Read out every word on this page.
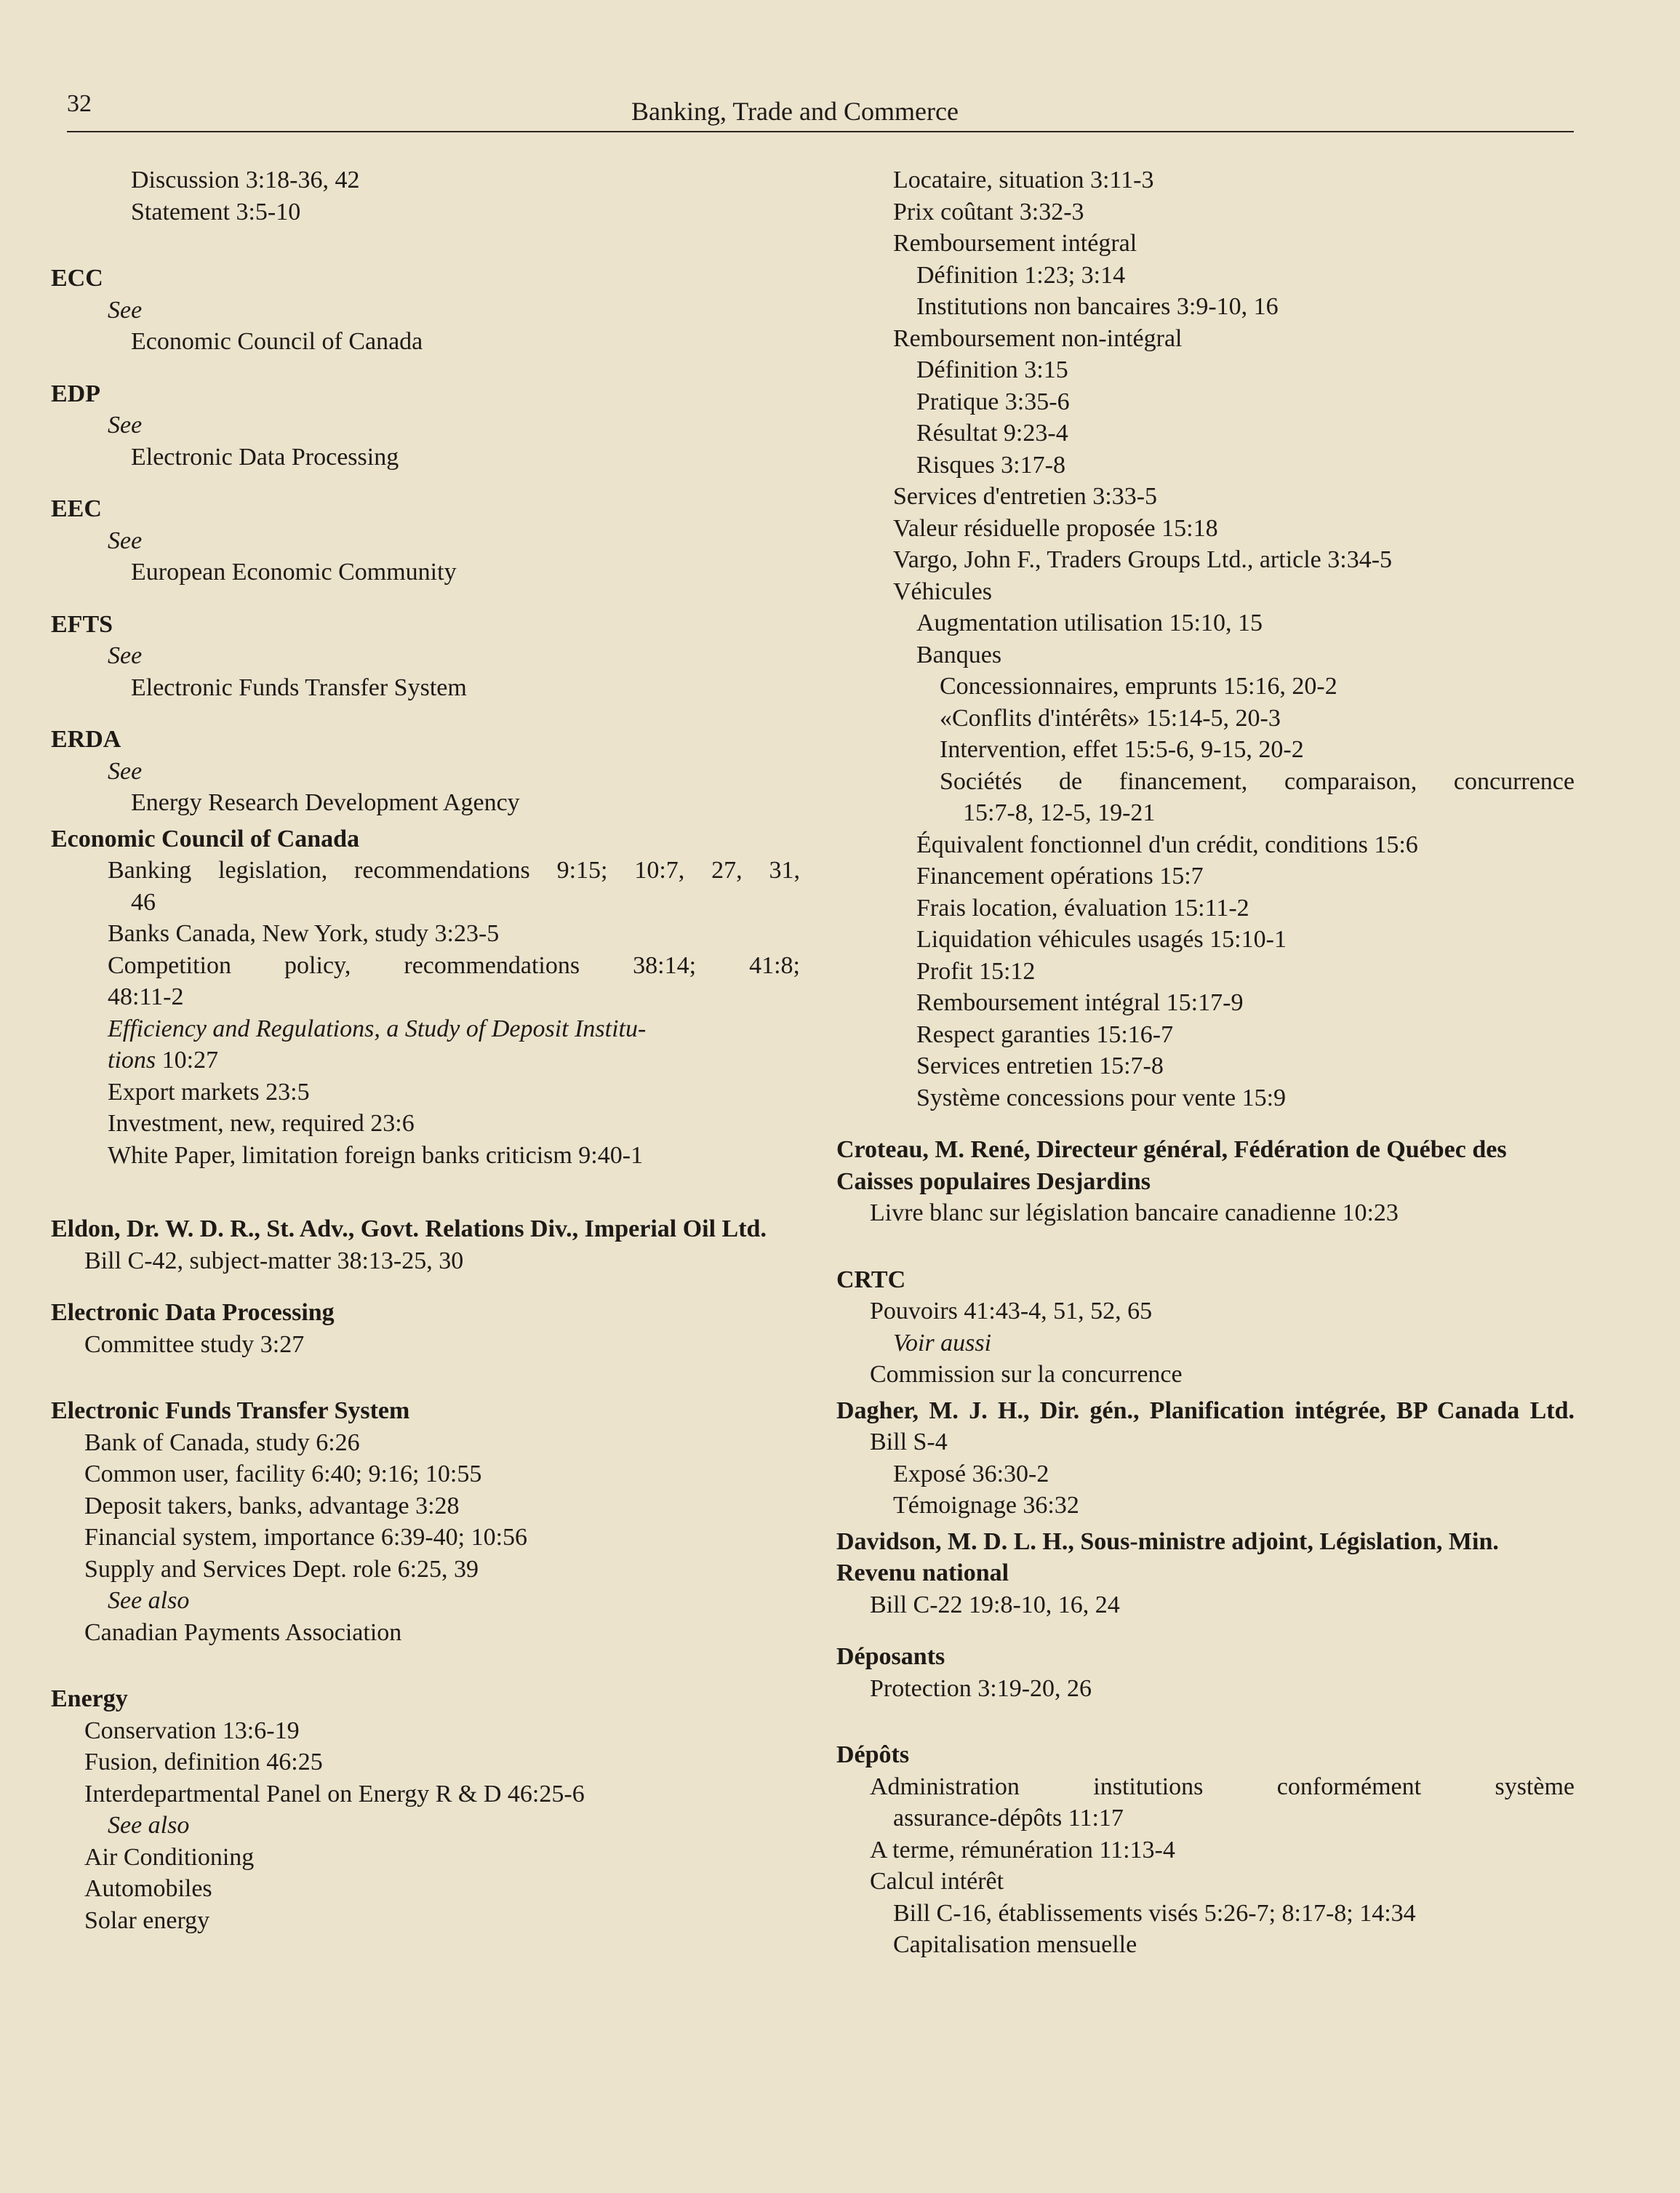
32	Banking, Trade and Commerce
Discussion 3:18-36, 42
Statement 3:5-10
ECC
See
Economic Council of Canada
EDP
See
Electronic Data Processing
EEC
See
European Economic Community
EFTS
See
Electronic Funds Transfer System
ERDA
See
Energy Research Development Agency
Economic Council of Canada
Banking legislation, recommendations 9:15; 10:7, 27, 31,
46
Banks Canada, New York, study 3:23-5
Competition policy, recommendations 38:14; 41:8;
48:11-2
Efficiency and Regulations, a Study of Deposit Institu-
tions 10:27
Export markets 23:5
Investment, new, required 23:6
White Paper, limitation foreign banks criticism 9:40-1
Eldon, Dr. W. D. R., St. Adv., Govt. Relations Div., Imperial Oil Ltd.
Bill C-42, subject-matter 38:13-25, 30
Electronic Data Processing
Committee study 3:27
Electronic Funds Transfer System
Bank of Canada, study 6:26
Common user, facility 6:40; 9:16; 10:55
Deposit takers, banks, advantage 3:28
Financial system, importance 6:39-40; 10:56
Supply and Services Dept. role 6:25, 39
See also
Canadian Payments Association
Energy
Conservation 13:6-19
Fusion, definition 46:25
Interdepartmental Panel on Energy R & D 46:25-6
See also
Air Conditioning
Automobiles
Solar energy
Locataire, situation 3:11-3
Prix coûtant 3:32-3
Remboursement intégral
Définition 1:23; 3:14
Institutions non bancaires 3:9-10, 16
Remboursement non-intégral
Définition 3:15
Pratique 3:35-6
Résultat 9:23-4
Risques 3:17-8
Services d'entretien 3:33-5
Valeur résiduelle proposée 15:18
Vargo, John F., Traders Groups Ltd., article 3:34-5
Véhicules
Augmentation utilisation 15:10, 15
Banques
Concessionnaires, emprunts 15:16, 20-2
«Conflits d'intérêts» 15:14-5, 20-3
Intervention, effet 15:5-6, 9-15, 20-2
Sociétés de financement, comparaison, concurrence
15:7-8, 12-5, 19-21
Équivalent fonctionnel d'un crédit, conditions 15:6
Financement opérations 15:7
Frais location, évaluation 15:11-2
Liquidation véhicules usagés 15:10-1
Profit 15:12
Remboursement intégral 15:17-9
Respect garanties 15:16-7
Services entretien 15:7-8
Système concessions pour vente 15:9
Croteau, M. René, Directeur général, Fédération de Québec des Caisses populaires Desjardins
Livre blanc sur législation bancaire canadienne 10:23
CRTC
Pouvoirs 41:43-4, 51, 52, 65
Voir aussi
Commission sur la concurrence
Dagher, M. J. H., Dir. gén., Planification intégrée, BP Canada Ltd.
Bill S-4
Exposé 36:30-2
Témoignage 36:32
Davidson, M. D. L. H., Sous-ministre adjoint, Législation, Min. Revenu national
Bill C-22 19:8-10, 16, 24
Déposants
Protection 3:19-20, 26
Dépôts
Administration institutions conformément système
assurance-dépôts 11:17
A terme, rémunération 11:13-4
Calcul intérêt
Bill C-16, établissements visés 5:26-7; 8:17-8; 14:34
Capitalisation mensuelle
